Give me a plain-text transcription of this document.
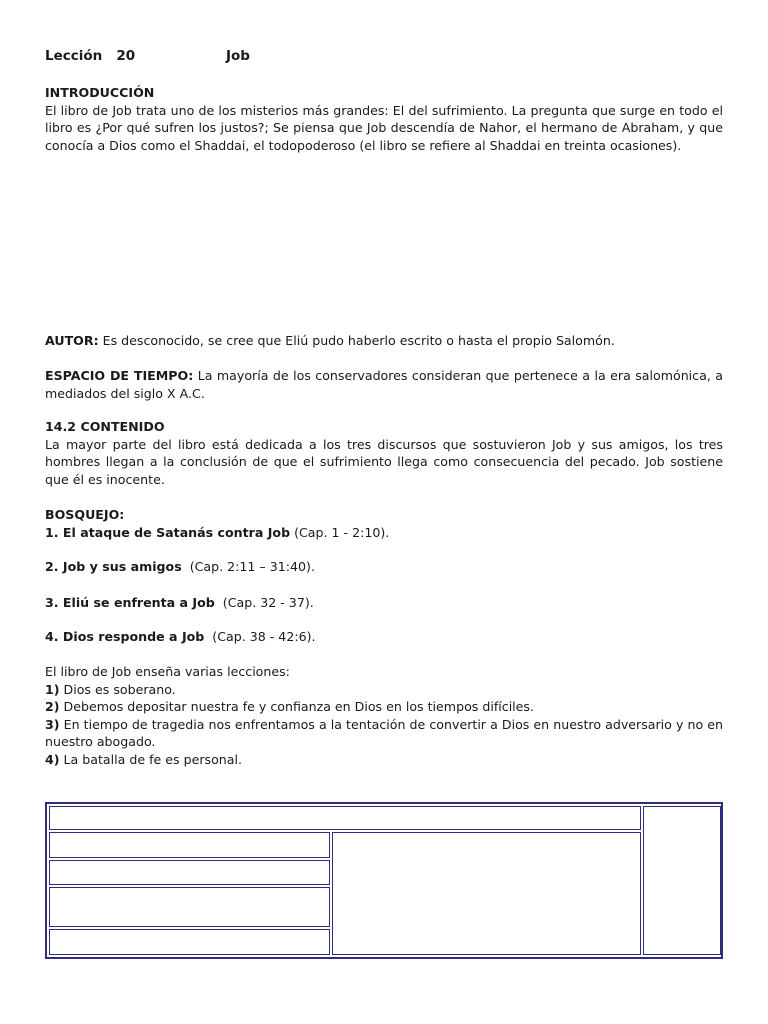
Lección   20	Job

INTRODUCCIÓN

El libro de Job trata uno de los misterios más grandes: El del sufrimiento. La pregunta que surge en todo el libro es ¿Por qué sufren los justos?; Se piensa que Job descendía de Nahor, el hermano de Abraham, y que conocía a Dios como el Shaddai, el todopoderoso (el libro se refiere al Shaddai en treinta ocasiones).

AUTOR: Es desconocido, se cree que Eliú pudo haberlo escrito o hasta el propio Salomón.

ESPACIO DE TIEMPO: La mayoría de los conservadores consideran que pertenece a la era salomónica, a mediados del siglo X A.C.

14.2 CONTENIDO

La mayor parte del libro está dedicada a los tres discursos que sostuvieron Job y sus amigos, los tres hombres llegan a la conclusión de que el sufrimiento llega como consecuencia del pecado. Job sostiene que él es inocente.

BOSQUEJO:

1. El ataque de Satanás contra Job (Cap. 1 - 2:10).

2. Job y sus amigos  (Cap. 2:11 – 31:40).

3. Eliú se enfrenta a Job  (Cap. 32 - 37).

4. Dios responde a Job  (Cap. 38 - 42:6).

El libro de Job enseña varias lecciones:

1) Dios es soberano.

2) Debemos depositar nuestra fe y confianza en Dios en los tiempos difíciles.

3) En tiempo de tragedia nos enfrentamos a la tentación de convertir a Dios en nuestro adversario y no en nuestro abogado.

4) La batalla de fe es personal.
